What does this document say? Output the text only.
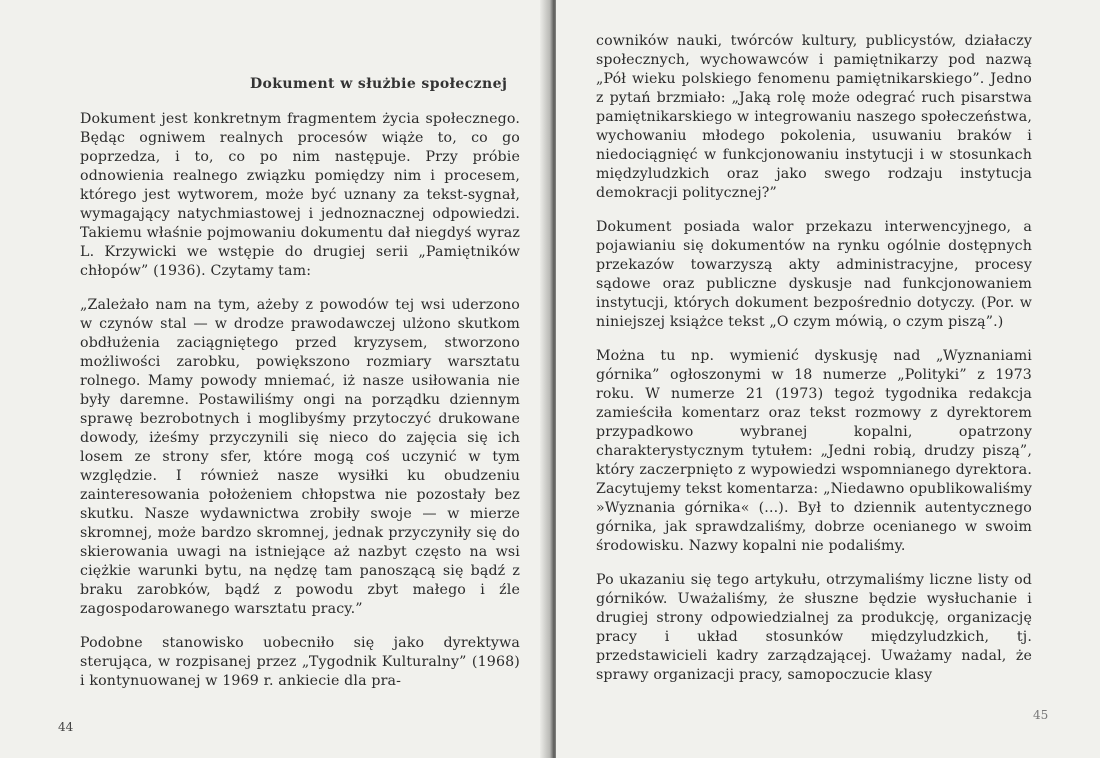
Dokument w służbie społecznej

Dokument jest konkretnym fragmentem życia społecznego. Będąc ogniwem realnych procesów wiąże to, co go poprzedza, i to, co po nim następuje. Przy próbie odnowienia realnego związku pomiędzy nim i procesem, którego jest wytworem, może być uznany za tekst-sygnał, wymagający natychmiastowej i jednoznacznej odpowiedzi. Takiemu właśnie pojmowaniu dokumentu dał niegdyś wyraz L. Krzywicki we wstępie do drugiej serii „Pamiętników chłopów” (1936). Czytamy tam:

„Zależało nam na tym, ażeby z powodów tej wsi uderzono w czynów stal — w drodze prawodawczej ulżono skutkom obdłużenia zaciągniętego przed kryzysem, stworzono możliwości zarobku, powiększono rozmiary warsztatu rolnego. Mamy powody mniemać, iż nasze usiłowania nie były daremne. Postawiliśmy ongi na porządku dziennym sprawę bezrobotnych i moglibyśmy przytoczyć drukowane dowody, iżeśmy przyczynili się nieco do zajęcia się ich losem ze strony sfer, które mogą coś uczynić w tym względzie. I również nasze wysiłki ku obudzeniu zainteresowania położeniem chłopstwa nie pozostały bez skutku. Nasze wydawnictwa zrobiły swoje — w mierze skromnej, może bardzo skromnej, jednak przyczyniły się do skierowania uwagi na istniejące aż nazbyt często na wsi ciężkie warunki bytu, na nędzę tam panoszącą się bądź z braku zarobków, bądź z powodu zbyt małego i źle zagospodarowanego warsztatu pracy.”

Podobne stanowisko uobecniło się jako dyrektywa sterująca, w rozpisanej przez „Tygodnik Kulturalny” (1968) i kontynuowanej w 1969 r. ankiecie dla pra-

44

cowników nauki, twórców kultury, publicystów, działaczy społecznych, wychowawców i pamiętnikarzy pod nazwą „Pół wieku polskiego fenomenu pamiętnikarskiego”. Jedno z pytań brzmiało: „Jaką rolę może odegrać ruch pisarstwa pamiętnikarskiego w integrowaniu naszego społeczeństwa, wychowaniu młodego pokolenia, usuwaniu braków i niedociągnięć w funkcjonowaniu instytucji i w stosunkach międzyludzkich oraz jako swego rodzaju instytucja demokracji politycznej?”

Dokument posiada walor przekazu interwencyjnego, a pojawianiu się dokumentów na rynku ogólnie dostępnych przekazów towarzyszą akty administracyjne, procesy sądowe oraz publiczne dyskusje nad funkcjonowaniem instytucji, których dokument bezpośrednio dotyczy. (Por. w niniejszej książce tekst „O czym mówią, o czym piszą”.)

Można tu np. wymienić dyskusję nad „Wyznaniami górnika” ogłoszonymi w 18 numerze „Polityki” z 1973 roku. W numerze 21 (1973) tegoż tygodnika redakcja zamieściła komentarz oraz tekst rozmowy z dyrektorem przypadkowo wybranej kopalni, opatrzony charakterystycznym tytułem: „Jedni robią, drudzy piszą”, który zaczerpnięto z wypowiedzi wspomnianego dyrektora. Zacytujemy tekst komentarza: „Niedawno opublikowaliśmy »Wyznania górnika« (...). Był to dziennik autentycznego górnika, jak sprawdzaliśmy, dobrze ocenianego w swoim środowisku. Nazwy kopalni nie podaliśmy.

Po ukazaniu się tego artykułu, otrzymaliśmy liczne listy od górników. Uważaliśmy, że słuszne będzie wysłuchanie i drugiej strony odpowiedzialnej za produkcję, organizację pracy i układ stosunków międzyludzkich, tj. przedstawicieli kadry zarządzającej. Uważamy nadal, że sprawy organizacji pracy, samopoczucie klasy

45
